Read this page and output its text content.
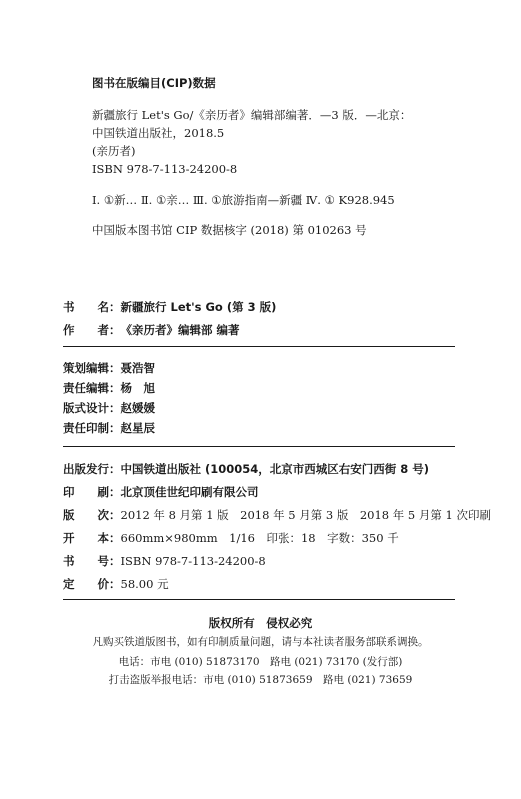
图书在版编目(CIP)数据
新疆旅行 Let's Go/《亲历者》编辑部编著．—3 版．—北京：
中国铁道出版社，2018.5
(亲历者)
ISBN 978-7-113-24200-8
Ⅰ. ①新… Ⅱ. ①亲… Ⅲ. ①旅游指南—新疆 Ⅳ. ① K928.945
中国版本图书馆 CIP 数据核字 (2018) 第 010263 号
书　　名：新疆旅行 Let's Go (第 3 版)
作　　者：《亲历者》编辑部 编著
策划编辑：聂浩智
责任编辑：杨　旭
版式设计：赵媛媛
责任印制：赵星辰
出版发行：中国铁道出版社 (100054，北京市西城区右安门西街 8 号)
印　　刷：北京顶佳世纪印刷有限公司
版　　次：2012 年 8 月第 1 版　2018 年 5 月第 3 版　2018 年 5 月第 1 次印刷
开　　本：660mm×980mm　1/16　印张：18　字数：350 千
书　　号：ISBN 978-7-113-24200-8
定　　价：58.00 元
版权所有　侵权必究
凡购买铁道版图书，如有印制质量问题，请与本社读者服务部联系调换。
电话：市电 (010) 51873170　路电 (021) 73170 (发行部)
打击盗版举报电话：市电 (010) 51873659　路电 (021) 73659
